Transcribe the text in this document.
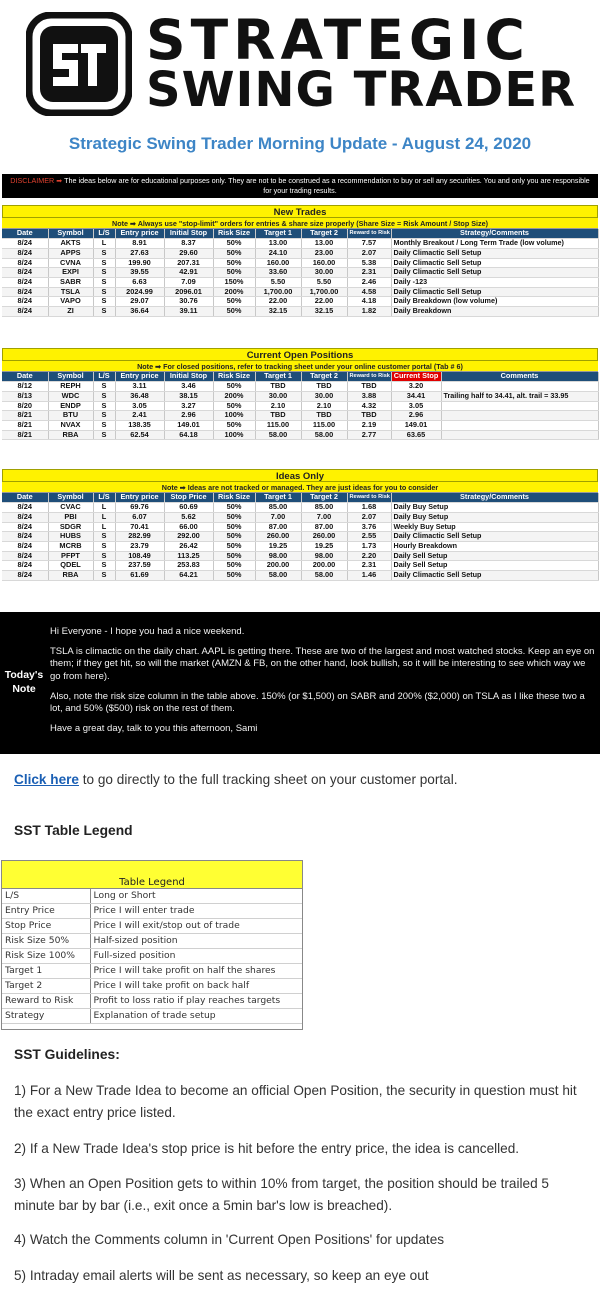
STRATEGIC
SWING TRADER
Strategic Swing Trader Morning Update - August 24, 2020
DISCLAIMER ➡ The ideas below are for educational purposes only. They are not to be construed as a recommendation to buy or sell any securities. You and only you are responsible for your trading results.
New Trades
Note ➡ Always use "stop-limit" orders for entries & share size properly (Share Size = Risk Amount / Stop Size)
Date	Symbol	L/S	Entry price	Initial Stop	Risk Size	Target 1	Target 2	Reward to Risk	Strategy/Comments
8/24	AKTS	L	8.91	8.37	50%	13.00	13.00	7.57	Monthly Breakout / Long Term Trade (low volume)
8/24	APPS	S	27.63	29.60	50%	24.10	23.00	2.07	Daily Climactic Sell Setup
8/24	CVNA	S	199.90	207.31	50%	160.00	160.00	5.38	Daily Climactic Sell Setup
8/24	EXPI	S	39.55	42.91	50%	33.60	30.00	2.31	Daily Climactic Sell Setup
8/24	SABR	S	6.63	7.09	150%	5.50	5.50	2.46	Daily -123
8/24	TSLA	S	2024.99	2096.01	200%	1,700.00	1,700.00	4.58	Daily Climactic Sell Setup
8/24	VAPO	S	29.07	30.76	50%	22.00	22.00	4.18	Daily Breakdown (low volume)
8/24	ZI	S	36.64	39.11	50%	32.15	32.15	1.82	Daily Breakdown
Current Open Positions
Note ➡ For closed positions, refer to tracking sheet under your online customer portal (Tab # 6)
Date	Symbol	L/S	Entry price	Initial Stop	Risk Size	Target 1	Target 2	Reward to Risk	Current Stop	Comments
8/12	REPH	S	3.11	3.46	50%	TBD	TBD	TBD	3.20	
8/13	WDC	S	36.48	38.15	200%	30.00	30.00	3.88	34.41	Trailing half to 34.41, alt. trail = 33.95
8/20	ENDP	S	3.05	3.27	50%	2.10	2.10	4.32	3.05	
8/21	BTU	S	2.41	2.96	100%	TBD	TBD	TBD	2.96	
8/21	NVAX	S	138.35	149.01	50%	115.00	115.00	2.19	149.01	
8/21	RBA	S	62.54	64.18	100%	58.00	58.00	2.77	63.65	
Ideas Only
Note ➡ Ideas are not tracked or managed. They are just ideas for you to consider
Date	Symbol	L/S	Entry price	Stop Price	Risk Size	Target 1	Target 2	Reward to Risk	Strategy/Comments
8/24	CVAC	L	69.76	60.69	50%	85.00	85.00	1.68	Daily Buy Setup
8/24	PBI	L	6.07	5.62	50%	7.00	7.00	2.07	Daily Buy Setup
8/24	SDGR	L	70.41	66.00	50%	87.00	87.00	3.76	Weekly Buy Setup
8/24	HUBS	S	282.99	292.00	50%	260.00	260.00	2.55	Daily Climactic Sell Setup
8/24	MCRB	S	23.79	26.42	50%	19.25	19.25	1.73	Hourly Breakdown
8/24	PFPT	S	108.49	113.25	50%	98.00	98.00	2.20	Daily Sell Setup
8/24	QDEL	S	237.59	253.83	50%	200.00	200.00	2.31	Daily Sell Setup
8/24	RBA	S	61.69	64.21	50%	58.00	58.00	1.46	Daily Climactic Sell Setup
Today's
Note

Hi Everyone - I hope you had a nice weekend.

TSLA is climactic on the daily chart. AAPL is getting there. These are two of the largest and most watched stocks. Keep an eye on them; if they get hit, so will the market (AMZN & FB, on the other hand, look bullish, so it will be interesting to see which way we go from here).

Also, note the risk size column in the table above. 150% (or $1,500) on SABR and 200% ($2,000) on TSLA as I like these two a lot, and 50% ($500) risk on the rest of them.

Have a great day, talk to you this afternoon, Sami

Click here to go directly to the full tracking sheet on your customer portal.
SST Table Legend
Table Legend
L/S	Long or Short
Entry Price	Price I will enter trade
Stop Price	Price I will exit/stop out of trade
Risk Size 50%	Half-sized position
Risk Size 100%	Full-sized position
Target 1	Price I will take profit on half the shares
Target 2	Price I will take profit on back half
Reward to Risk	Profit to loss ratio if play reaches targets
Strategy	Explanation of trade setup
SST Guidelines:
1) For a New Trade Idea to become an official Open Position, the security in question must hit the exact entry price listed.
2) If a New Trade Idea's stop price is hit before the entry price, the idea is cancelled.
3) When an Open Position gets to within 10% from target, the position should be trailed 5 minute bar by bar (i.e., exit once a 5min bar's low is breached).
4) Watch the Comments column in 'Current Open Positions' for updates
5) Intraday email alerts will be sent as necessary, so keep an eye out
